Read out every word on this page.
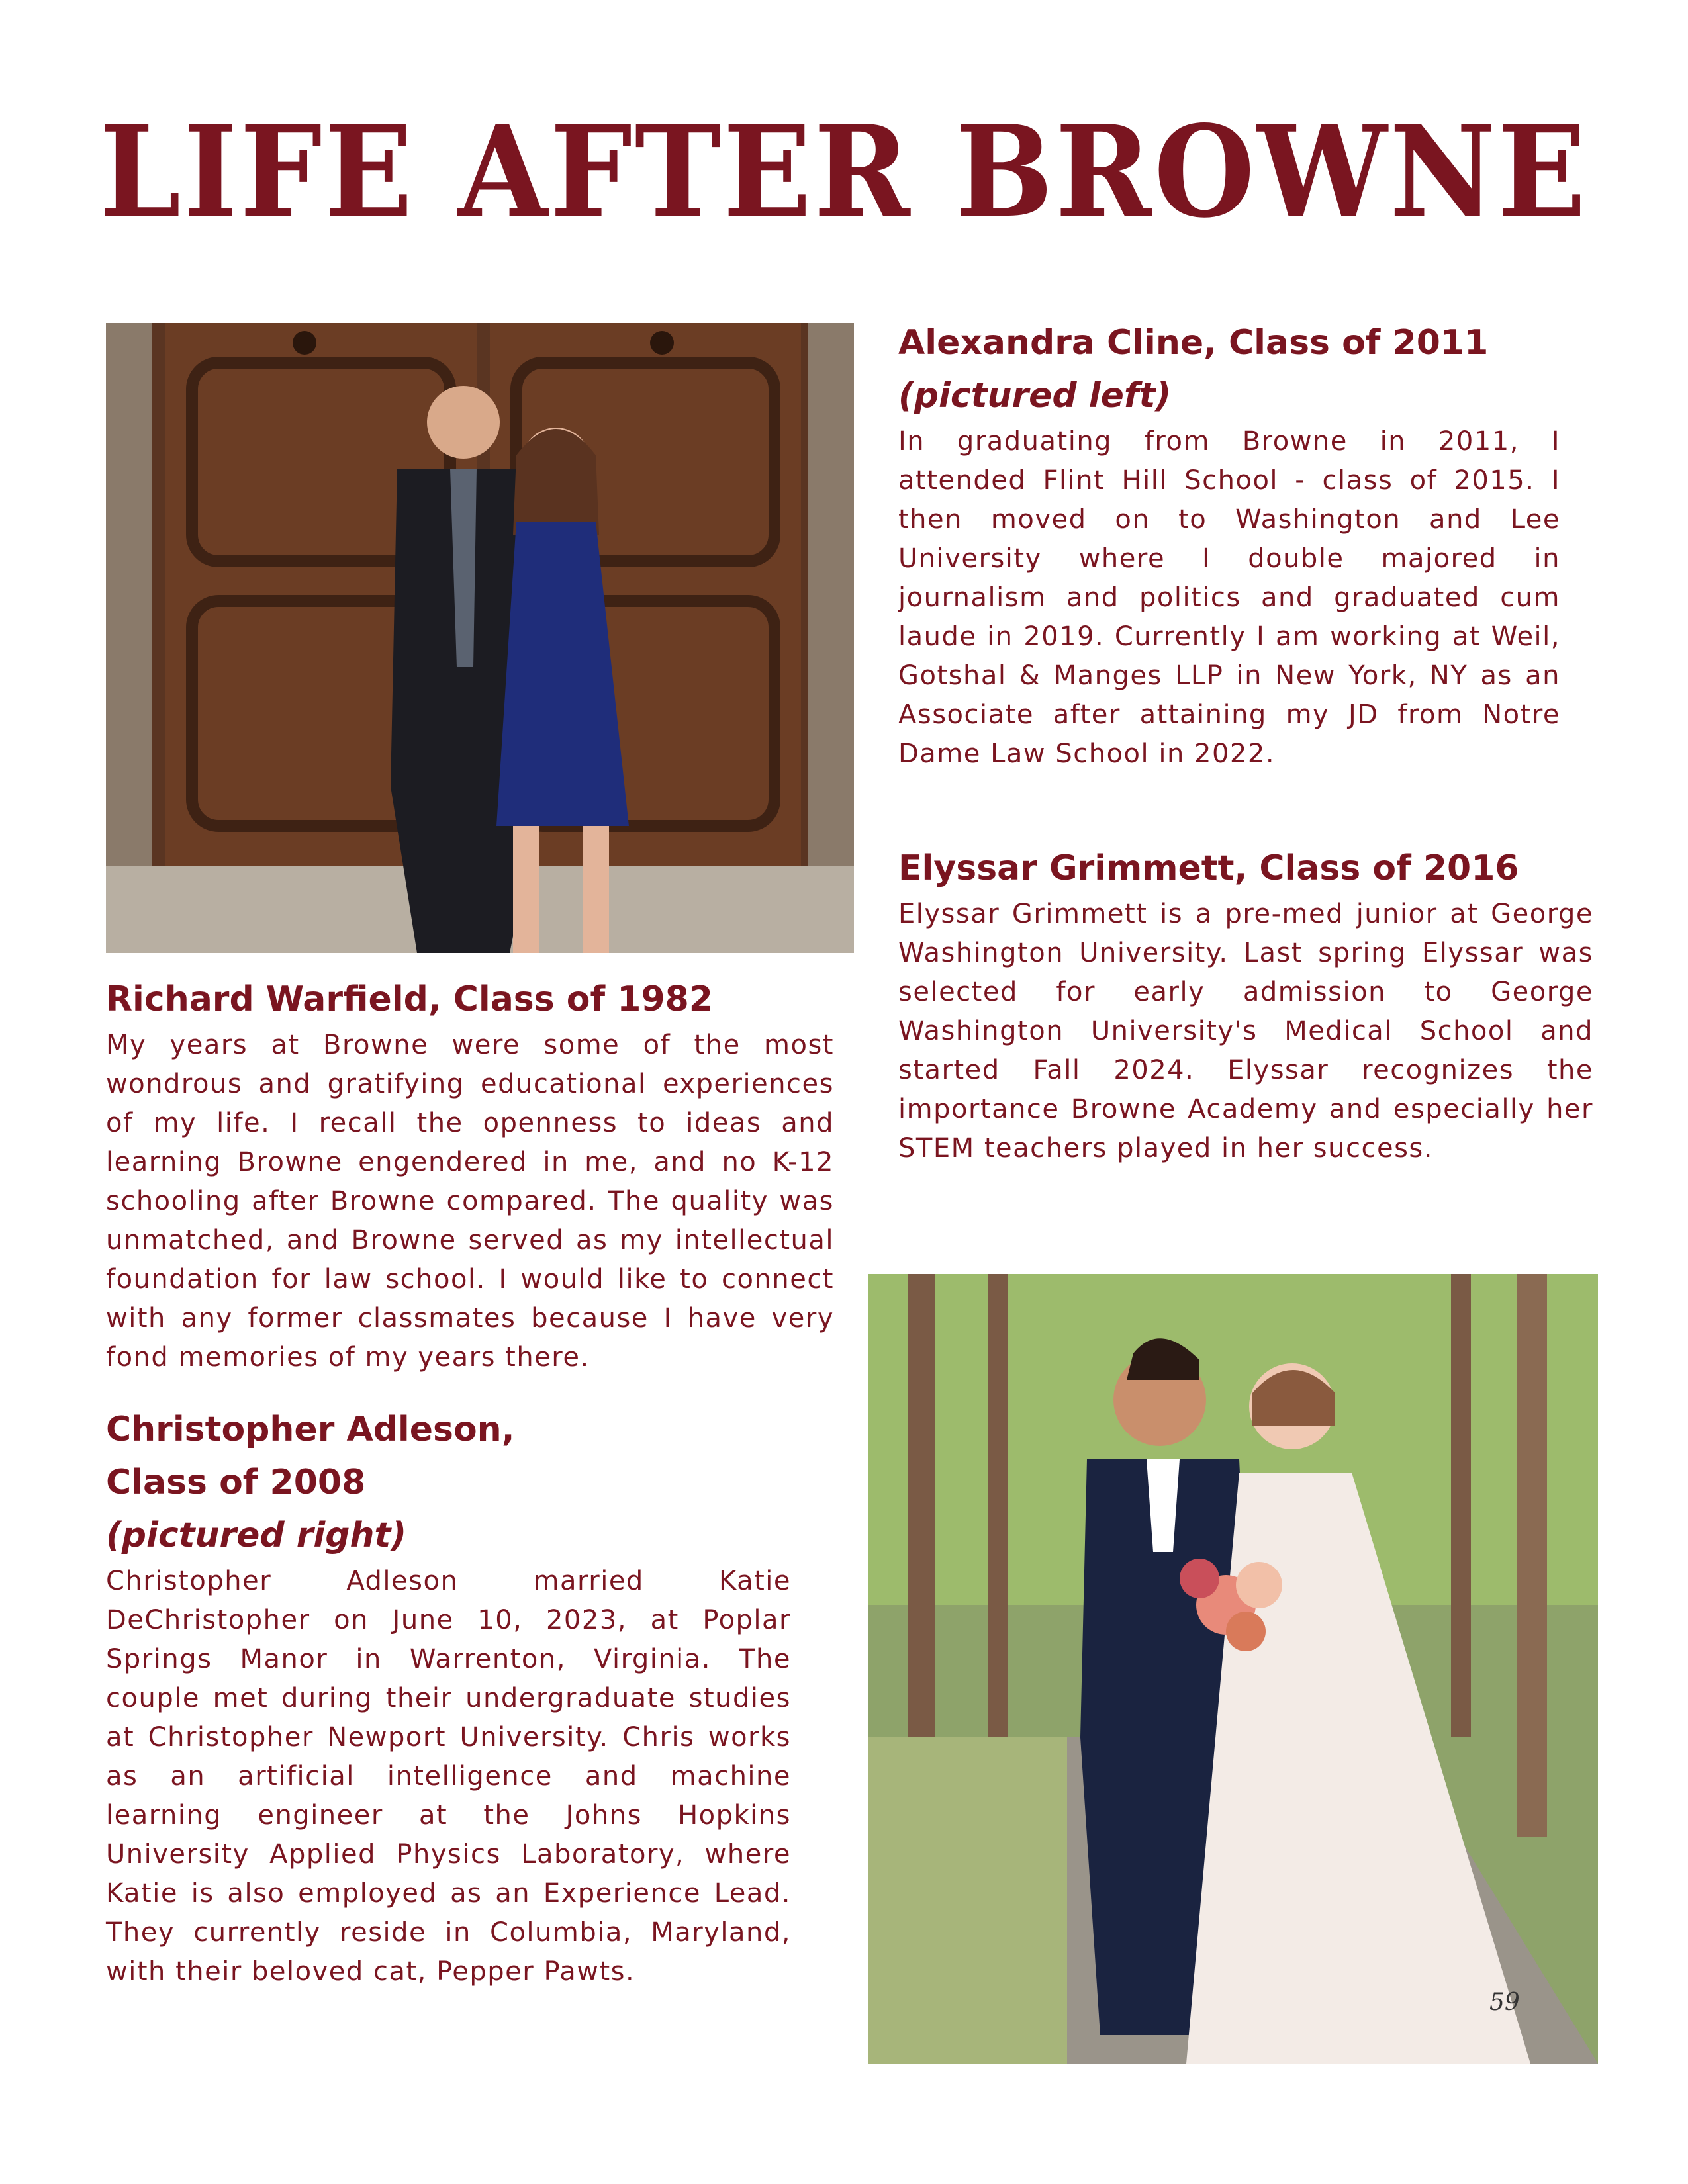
LIFE AFTER BROWNE

Alexandra Cline, Class of 2011

(pictured left)

In graduating from Browne in 2011, I attended Flint Hill School - class of 2015. I then moved on to Washington and Lee University where I double majored in journalism and politics and graduated cum laude in 2019. Currently I am working at Weil, Gotshal & Manges LLP in New York, NY as an Associate after attaining my JD from Notre Dame Law School in 2022.

Elyssar Grimmett, Class of 2016

Elyssar Grimmett is a pre-med junior at George Washington University. Last spring Elyssar was selected for early admission to George Washington University's Medical School and started Fall 2024. Elyssar recognizes the importance Browne Academy and especially her STEM teachers played in her success.

Richard Warfield, Class of 1982

My years at Browne were some of the most wondrous and gratifying educational experiences of my life. I recall the openness to ideas and learning Browne engendered in me, and no K-12 schooling after Browne compared. The quality was unmatched, and Browne served as my intellectual foundation for law school. I would like to connect with any former classmates because I have very fond memories of my years there.

Christopher Adleson,

Class of 2008

(pictured right)

Christopher Adleson married Katie DeChristopher on June 10, 2023, at Poplar Springs Manor in Warrenton, Virginia. The couple met during their undergraduate studies at Christopher Newport University. Chris works as an artificial intelligence and machine learning engineer at the Johns Hopkins University Applied Physics Laboratory, where Katie is also employed as an Experience Lead. They currently reside in Columbia, Maryland, with their beloved cat, Pepper Pawts.

59
